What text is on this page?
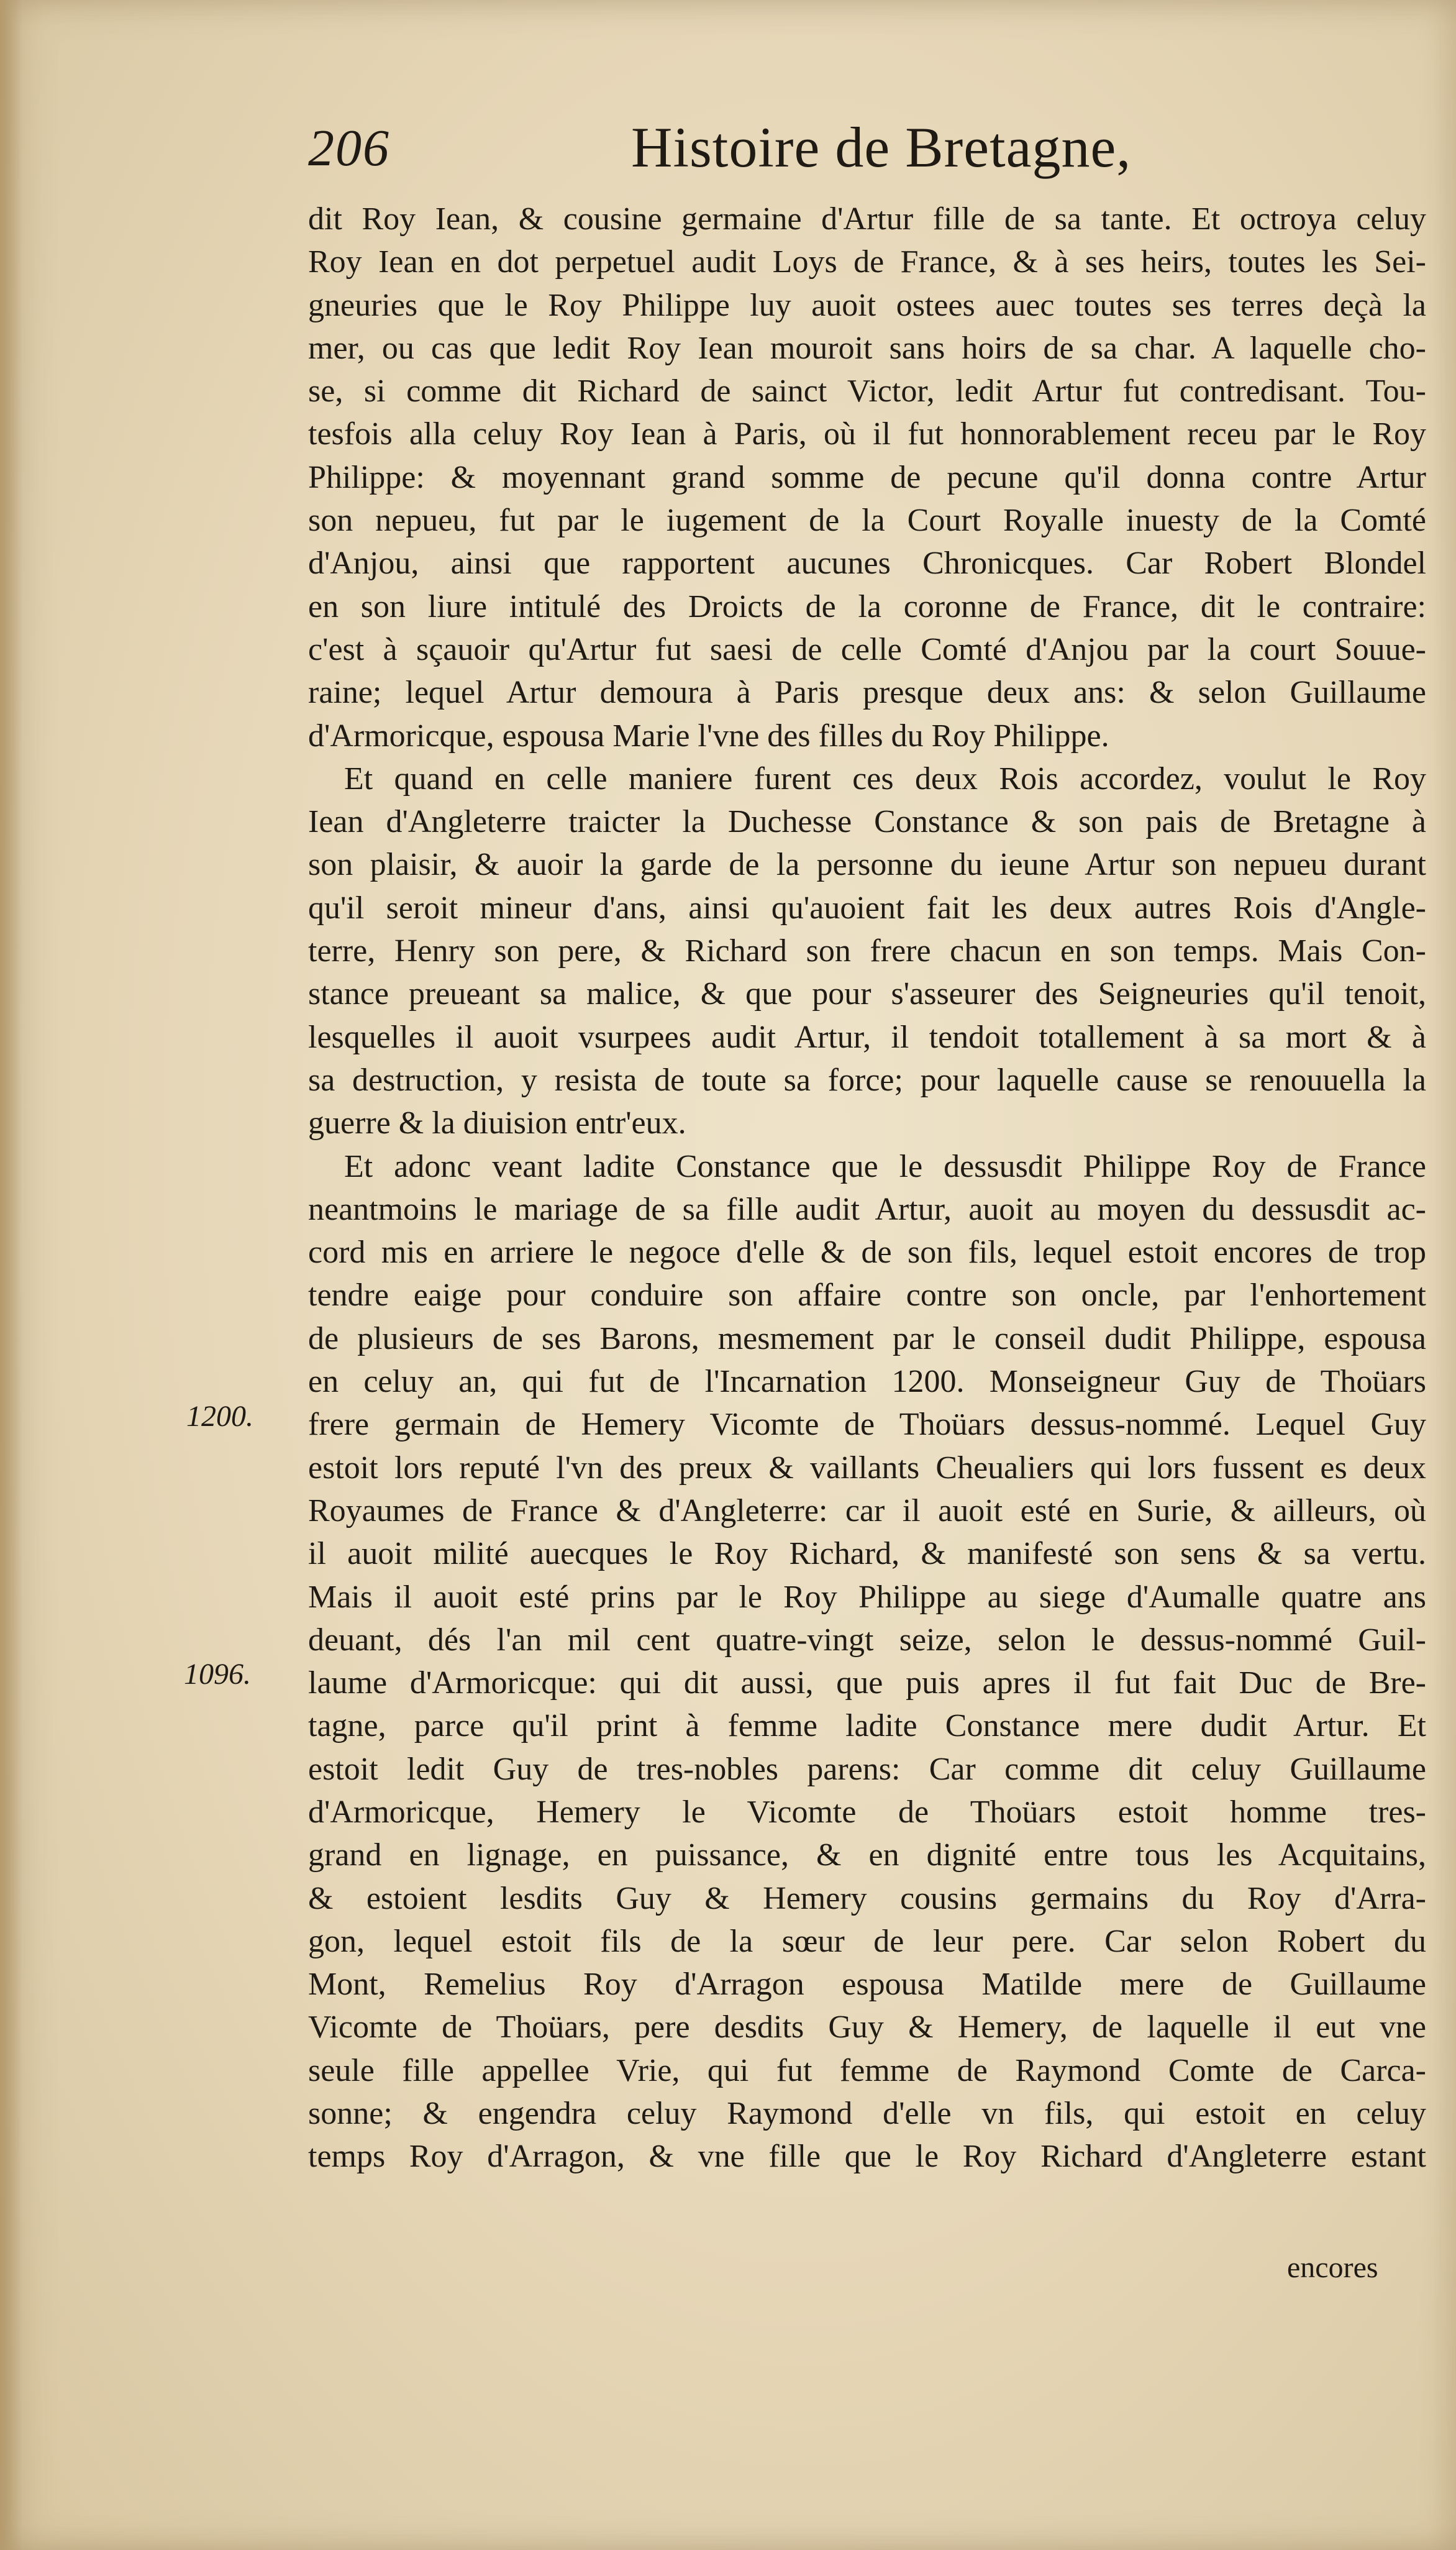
206	Histoire de Bretagne,
dit Roy Iean, & cousine germaine d'Artur fille de sa tante. Et octroya celuy
Roy Iean en dot perpetuel audit Loys de France, & à ses heirs, toutes les Sei-
gneuries que le Roy Philippe luy auoit ostees auec toutes ses terres deçà la
mer, ou cas que ledit Roy Iean mouroit sans hoirs de sa char. A laquelle cho-
se, si comme dit Richard de sainct Victor, ledit Artur fut contredisant. Tou-
tesfois alla celuy Roy Iean à Paris, où il fut honnorablement receu par le Roy
Philippe: & moyennant grand somme de pecune qu'il donna contre Artur
son nepueu, fut par le iugement de la Court Royalle inuesty de la Comté
d'Anjou, ainsi que rapportent aucunes Chronicques. Car Robert Blondel
en son liure intitulé des Droicts de la coronne de France, dit le contraire:
c'est à sçauoir qu'Artur fut saesi de celle Comté d'Anjou par la court Souue-
raine; lequel Artur demoura à Paris presque deux ans: & selon Guillaume
d'Armoricque, espousa Marie l'vne des filles du Roy Philippe.
Et quand en celle maniere furent ces deux Rois accordez, voulut le Roy
Iean d'Angleterre traicter la Duchesse Constance & son pais de Bretagne à
son plaisir, & auoir la garde de la personne du ieune Artur son nepueu durant
qu'il seroit mineur d'ans, ainsi qu'auoient fait les deux autres Rois d'Angle-
terre, Henry son pere, & Richard son frere chacun en son temps. Mais Con-
stance preueant sa malice, & que pour s'asseurer des Seigneuries qu'il tenoit,
lesquelles il auoit vsurpees audit Artur, il tendoit totallement à sa mort & à
sa destruction, y resista de toute sa force; pour laquelle cause se renouuella la
guerre & la diuision entr'eux.
Et adonc veant ladite Constance que le dessusdit Philippe Roy de France
neantmoins le mariage de sa fille audit Artur, auoit au moyen du dessusdit ac-
cord mis en arriere le negoce d'elle & de son fils, lequel estoit encores de trop
tendre eaige pour conduire son affaire contre son oncle, par l'enhortement
de plusieurs de ses Barons, mesmement par le conseil dudit Philippe, espousa
en celuy an, qui fut de l'Incarnation 1200. Monseigneur Guy de Thoüars
frere germain de Hemery Vicomte de Thoüars dessus-nommé. Lequel Guy
estoit lors reputé l'vn des preux & vaillants Cheualiers qui lors fussent es deux
Royaumes de France & d'Angleterre: car il auoit esté en Surie, & ailleurs, où
il auoit milité auecques le Roy Richard, & manifesté son sens & sa vertu.
Mais il auoit esté prins par le Roy Philippe au siege d'Aumalle quatre ans
deuant, dés l'an mil cent quatre-vingt seize, selon le dessus-nommé Guil-
laume d'Armoricque: qui dit aussi, que puis apres il fut fait Duc de Bre-
tagne, parce qu'il print à femme ladite Constance mere dudit Artur. Et
estoit ledit Guy de tres-nobles parens: Car comme dit celuy Guillaume
d'Armoricque, Hemery le Vicomte de Thoüars estoit homme tres-
grand en lignage, en puissance, & en dignité entre tous les Acquitains,
& estoient lesdits Guy & Hemery cousins germains du Roy d'Arra-
gon, lequel estoit fils de la sœur de leur pere. Car selon Robert du
Mont, Remelius Roy d'Arragon espousa Matilde mere de Guillaume
Vicomte de Thoüars, pere desdits Guy & Hemery, de laquelle il eut vne
seule fille appellee Vrie, qui fut femme de Raymond Comte de Carca-
sonne; & engendra celuy Raymond d'elle vn fils, qui estoit en celuy
temps Roy d'Arragon, & vne fille que le Roy Richard d'Angleterre estant
1200.
1096.
encores
